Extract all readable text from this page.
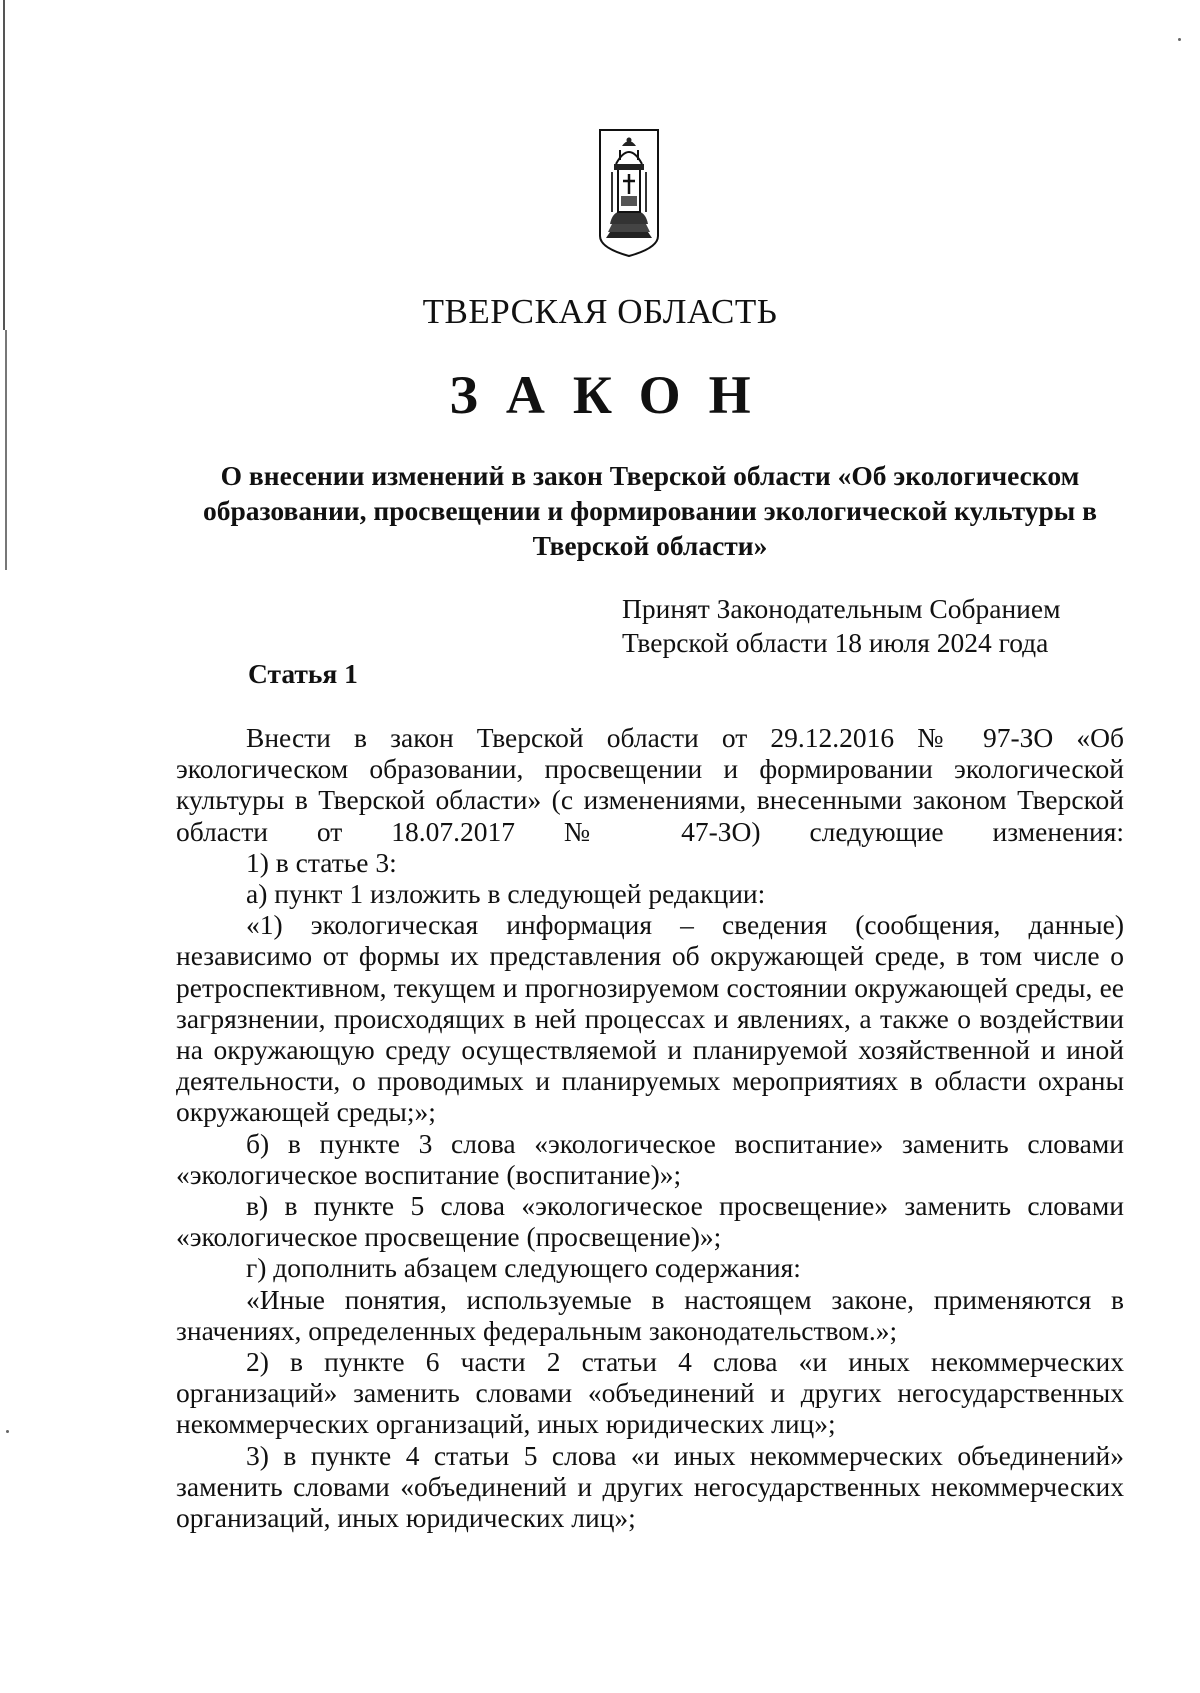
ТВЕРСКАЯ ОБЛАСТЬ
ЗАКОН
О внесении изменений в закон Тверской области «Об экологическом
образовании, просвещении и формировании экологической культуры в
Тверской области»
Принят Законодательным Собранием
Тверской области 18 июля 2024 года
Статья 1

Внести в закон Тверской области от 29.12.2016 № 97-ЗО «Об экологическом образовании, просвещении и формировании экологической культуры в Тверской области» (с изменениями, внесенными законом Тверской области от 18.07.2017 № 47-ЗО) следующие изменения:

1) в статье 3:

а) пункт 1 изложить в следующей редакции:

«1) экологическая информация – сведения (сообщения, данные) независимо от формы их представления об окружающей среде, в том числе о ретроспективном, текущем и прогнозируемом состоянии окружающей среды, ее загрязнении, происходящих в ней процессах и явлениях, а также о воздействии на окружающую среду осуществляемой и планируемой хозяйственной и иной деятельности, о проводимых и планируемых мероприятиях в области охраны окружающей среды;»;

б) в пункте 3 слова «экологическое воспитание» заменить словами «экологическое воспитание (воспитание)»;

в) в пункте 5 слова «экологическое просвещение» заменить словами «экологическое просвещение (просвещение)»;

г) дополнить абзацем следующего содержания:

«Иные понятия, используемые в настоящем законе, применяются в значениях, определенных федеральным законодательством.»;

2) в пункте 6 части 2 статьи 4 слова «и иных некоммерческих организаций» заменить словами «объединений и других негосударственных некоммерческих организаций, иных юридических лиц»;

3) в пункте 4 статьи 5 слова «и иных некоммерческих объединений» заменить словами «объединений и других негосударственных некоммерческих организаций, иных юридических лиц»;
